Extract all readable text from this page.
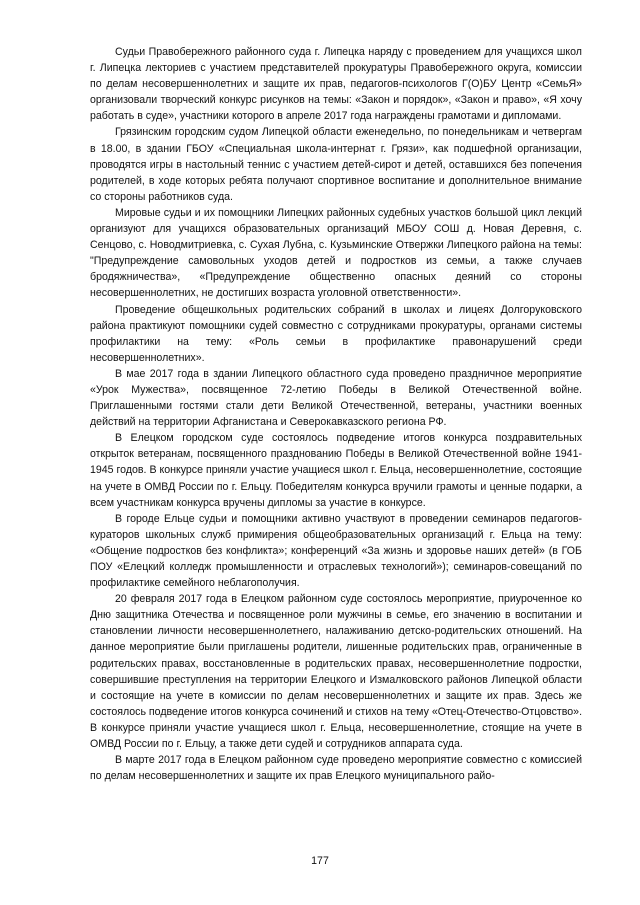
Судьи Правобережного районного суда г. Липецка наряду с проведением для учащихся школ г. Липецка лекториев с участием представителей прокуратуры Правобережного округа, комиссии по делам несовершеннолетних и защите их прав, педагогов-психологов Г(О)БУ Центр «СемьЯ» организовали творческий конкурс рисунков на темы: «Закон и порядок», «Закон и право», «Я хочу работать в суде», участники которого в апреле 2017 года награждены грамотами и дипломами.

Грязинским городским судом Липецкой области еженедельно, по понедельникам и четвергам в 18.00, в здании ГБОУ «Специальная школа-интернат г. Грязи», как подшефной организации, проводятся игры в настольный теннис с участием детей-сирот и детей, оставшихся без попечения родителей, в ходе которых ребята получают спортивное воспитание и дополнительное внимание со стороны работников суда.

Мировые судьи и их помощники Липецких районных судебных участков большой цикл лекций организуют для учащихся образовательных организаций МБОУ СОШ д. Новая Деревня, с. Сенцово, с. Новодмитриевка, с. Сухая Лубна, с. Кузьминские Отвержки Липецкого района на темы: "Предупреждение самовольных уходов детей и подростков из семьи, а также случаев бродяжничества», «Предупреждение общественно опасных деяний со стороны несовершеннолетних, не достигших возраста уголовной ответственности».

Проведение общешкольных родительских собраний в школах и лицеях Долгоруковского района практикуют помощники судей совместно с сотрудниками прокуратуры, органами системы профилактики на тему: «Роль семьи в профилактике правонарушений среди несовершеннолетних».

В мае 2017 года в здании Липецкого областного суда проведено праздничное мероприятие «Урок Мужества», посвященное 72-летию Победы в Великой Отечественной войне. Приглашенными гостями стали дети Великой Отечественной, ветераны, участники военных действий на территории Афганистана и Северокавказского региона РФ.

В Елецком городском суде состоялось подведение итогов конкурса поздравительных открыток ветеранам, посвященного празднованию Победы в Великой Отечественной войне 1941-1945 годов. В конкурсе приняли участие учащиеся школ г. Ельца, несовершеннолетние, состоящие на учете в ОМВД России по г. Ельцу. Победителям конкурса вручили грамоты и ценные подарки, а всем участникам конкурса вручены дипломы за участие в конкурсе.

В городе Ельце судьи и помощники активно участвуют в проведении семинаров педагогов-кураторов школьных служб примирения общеобразовательных организаций г. Ельца на тему: «Общение подростков без конфликта»; конференций «За жизнь и здоровье наших детей» (в ГОБ ПОУ «Елецкий колледж промышленности и отраслевых технологий»); семинаров-совещаний по профилактике семейного неблагополучия.

20 февраля 2017 года в Елецком районном суде состоялось мероприятие, приуроченное ко Дню защитника Отечества и посвященное роли мужчины в семье, его значению в воспитании и становлении личности несовершеннолетнего, налаживанию детско-родительских отношений. На данное мероприятие были приглашены родители, лишенные родительских прав, ограниченные в родительских правах, восстановленные в родительских правах, несовершеннолетние подростки, совершившие преступления на территории Елецкого и Измалковского районов Липецкой области и состоящие на учете в комиссии по делам несовершеннолетних и защите их прав. Здесь же состоялось подведение итогов конкурса сочинений и стихов на тему «Отец-Отечество-Отцовство». В конкурсе приняли участие учащиеся школ г. Ельца, несовершеннолетние, стоящие на учете в ОМВД России по г. Ельцу, а также дети судей и сотрудников аппарата суда.

В марте 2017 года в Елецком районном суде проведено мероприятие совместно с комиссией по делам несовершеннолетних и защите их прав Елецкого муниципального райо-

177
